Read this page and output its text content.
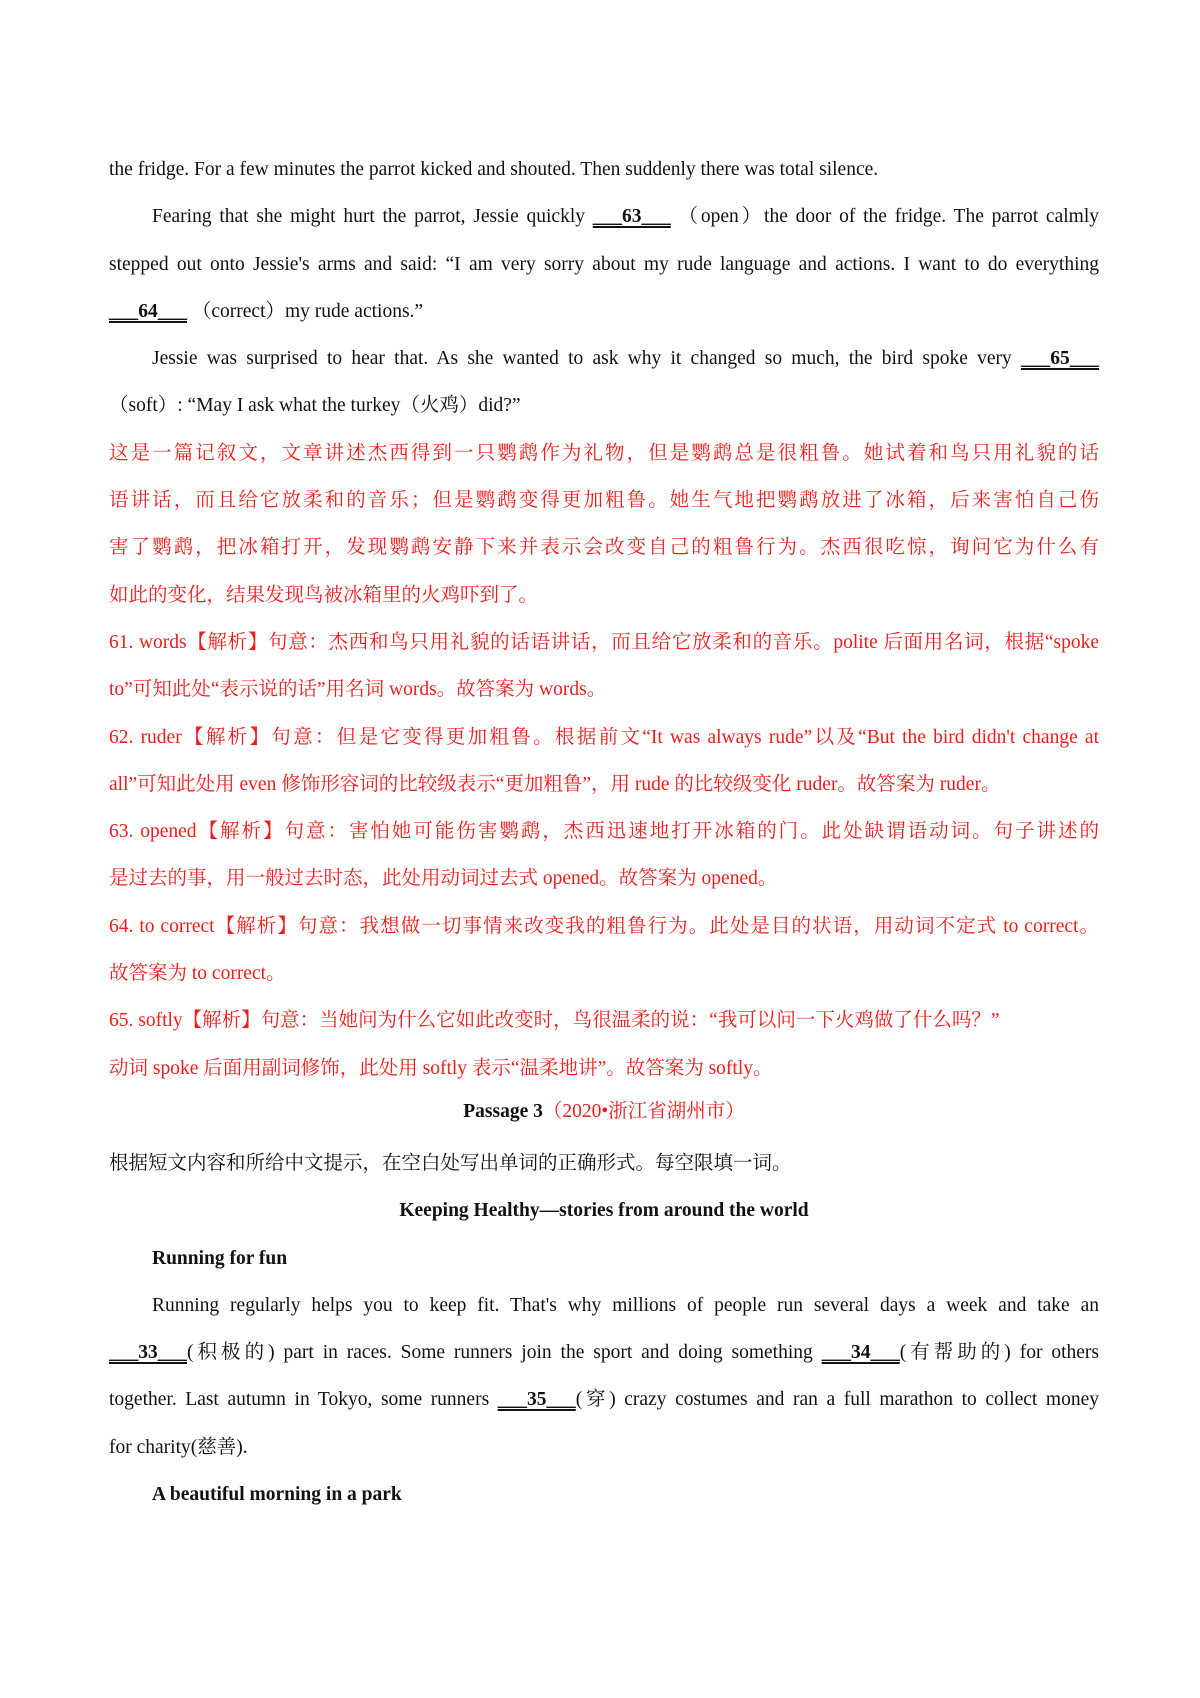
the fridge. For a few minutes the parrot kicked and shouted. Then suddenly there was total silence.
Fearing that she might hurt the parrot, Jessie quickly ___63___ （open）the door of the fridge. The parrot calmly
stepped out onto Jessie's arms and said: “I am very sorry about my rude language and actions. I want to do everything
___64___ （correct）my rude actions.”
Jessie was surprised to hear that. As she wanted to ask why it changed so much, the bird spoke very ___65___
（soft）: “May I ask what the turkey（火鸡）did?”
这是一篇记叙文，文章讲述杰西得到一只鹦鹉作为礼物，但是鹦鹉总是很粗鲁。她试着和鸟只用礼貌的话
语讲话，而且给它放柔和的音乐；但是鹦鹉变得更加粗鲁。她生气地把鹦鹉放进了冰箱，后来害怕自己伤
害了鹦鹉，把冰箱打开，发现鹦鹉安静下来并表示会改变自己的粗鲁行为。杰西很吃惊，询问它为什么有
如此的变化，结果发现鸟被冰箱里的火鸡吓到了。
61. words【解析】句意：杰西和鸟只用礼貌的话语讲话，而且给它放柔和的音乐。polite 后面用名词，根据“spoke
to”可知此处“表示说的话”用名词 words。故答案为 words。
62. ruder【解析】句意：但是它变得更加粗鲁。根据前文“It was always rude”以及“But the bird didn't change at
all”可知此处用 even 修饰形容词的比较级表示“更加粗鲁”，用 rude 的比较级变化 ruder。故答案为 ruder。
63. opened【解析】句意：害怕她可能伤害鹦鹉，杰西迅速地打开冰箱的门。此处缺谓语动词。句子讲述的
是过去的事，用一般过去时态，此处用动词过去式 opened。故答案为 opened。
64. to correct【解析】句意：我想做一切事情来改变我的粗鲁行为。此处是目的状语，用动词不定式 to correct。
故答案为 to correct。
65. softly【解析】句意：当她问为什么它如此改变时，鸟很温柔的说：“我可以问一下火鸡做了什么吗？”
动词 spoke 后面用副词修饰，此处用 softly 表示“温柔地讲”。故答案为 softly。
Passage 3（2020•浙江省湖州市）
根据短文内容和所给中文提示，在空白处写出单词的正确形式。每空限填一词。
Keeping Healthy—stories from around the world
Running for fun
Running regularly helps you to keep fit. That's why millions of people run several days a week and take an
___33___(积极的) part in races. Some runners join the sport and doing something ___34___(有帮助的) for others
together. Last autumn in Tokyo, some runners ___35___(穿) crazy costumes and ran a full marathon to collect money
for charity(慈善).
A beautiful morning in a park
